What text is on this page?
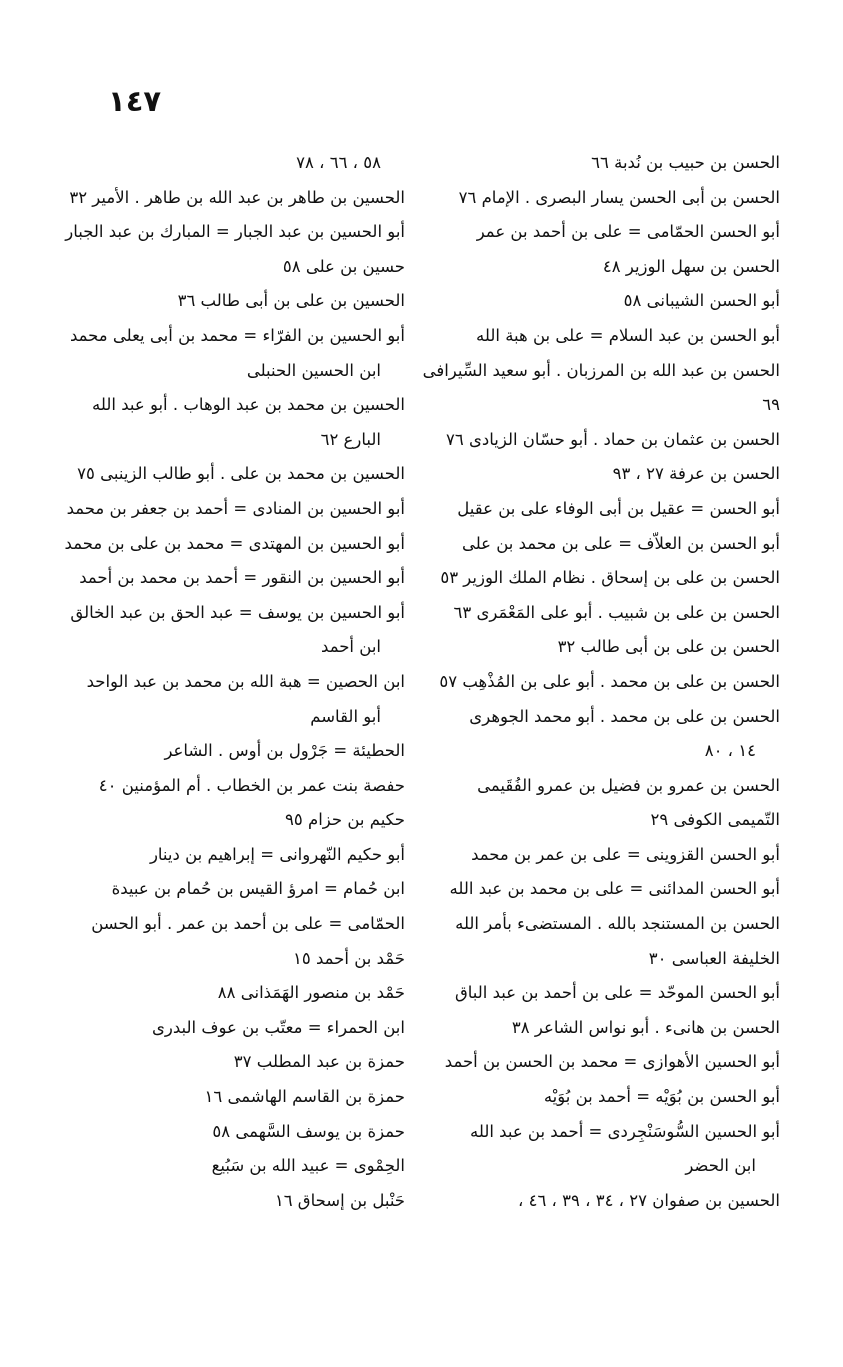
١٤٧
الحسن بن حبيب بن نُدبة ٦٦
الحسن بن أبى الحسن يسار البصرى . الإمام ٧٦
أبو الحسن الحمّامى = على بن أحمد بن عمر
الحسن بن سهل الوزير ٤٨
أبو الحسن الشيبانى ٥٨
أبو الحسن بن عبد السلام = على بن هبة الله
الحسن بن عبد الله بن المرزبان . أبو سعيد السِّيرافى
٦٩
الحسن بن عثمان بن حماد . أبو حسّان الزيادى ٧٦
الحسن بن عرفة ٢٧ ، ٩٣
أبو الحسن = عقيل بن أبى الوفاء على بن عقيل
أبو الحسن بن العلاّف = على بن محمد بن على
الحسن بن على بن إسحاق . نظام الملك الوزير ٥٣
الحسن بن على بن شبيب . أبو على المَعْمَرى ٦٣
الحسن بن على بن أبى طالب ٣٢
الحسن بن على بن محمد . أبو على بن المُذْهِب ٥٧
الحسن بن على بن محمد . أبو محمد الجوهرى
١٤ ، ٨٠
الحسن بن عمرو بن فضيل بن عمرو الفُقَيمى
التّميمى الكوفى ٢٩
أبو الحسن القزوينى = على بن عمر بن محمد
أبو الحسن المدائنى = على بن محمد بن عبد الله
الحسن بن المستنجد بالله . المستضىء بأمر الله
الخليفة العباسى ٣٠
أبو الحسن الموحّد = على بن أحمد بن عبد الباق
الحسن بن هانىء . أبو نواس الشاعر ٣٨
أبو الحسين الأهوازى = محمد بن الحسن بن أحمد
أبو الحسن بن بُوَيْه = أحمد بن بُوَيْه
أبو الحسين السُّوسَنْجِردى = أحمد بن عبد الله
ابن الحضر
الحسين بن صفوان ٢٧ ، ٣٤ ، ٣٩ ، ٤٦ ،
٥٨ ، ٦٦ ، ٧٨
الحسين بن طاهر بن عبد الله بن طاهر . الأمير ٣٢
أبو الحسين بن عبد الجبار = المبارك بن عبد الجبار
حسين بن على ٥٨
الحسين بن على بن أبى طالب ٣٦
أبو الحسين بن الفرّاء = محمد بن أبى يعلى محمد
ابن الحسين الحنبلى
الحسين بن محمد بن عبد الوهاب . أبو عبد الله
البارع ٦٢
الحسين بن محمد بن على . أبو طالب الزينبى ٧٥
أبو الحسين بن المنادى = أحمد بن جعفر بن محمد
أبو الحسين بن المهتدى = محمد بن على بن محمد
أبو الحسين بن النقور = أحمد بن محمد بن أحمد
أبو الحسين بن يوسف = عبد الحق بن عبد الخالق
ابن أحمد
ابن الحصين = هبة الله بن محمد بن عبد الواحد
أبو القاسم
الحطيئة = جَرْول بن أوس . الشاعر
حفصة بنت عمر بن الخطاب . أم المؤمنين ٤٠
حكيم بن حزام ٩٥
أبو حكيم النّهروانى = إبراهيم بن دينار
ابن حُمام = امرؤ القيس بن حُمام بن عبيدة
الحمّامى = على بن أحمد بن عمر . أبو الحسن
حَمْد بن أحمد ١٥
حَمْد بن منصور الهَمَذانى ٨٨
ابن الحمراء = معتّب بن عوف البدرى
حمزة بن عبد المطلب ٣٧
حمزة بن القاسم الهاشمى ١٦
حمزة بن يوسف السَّهمى ٥٨
الحِمْوى = عبيد الله بن سَبُيع
حَنْبل بن إسحاق ١٦
